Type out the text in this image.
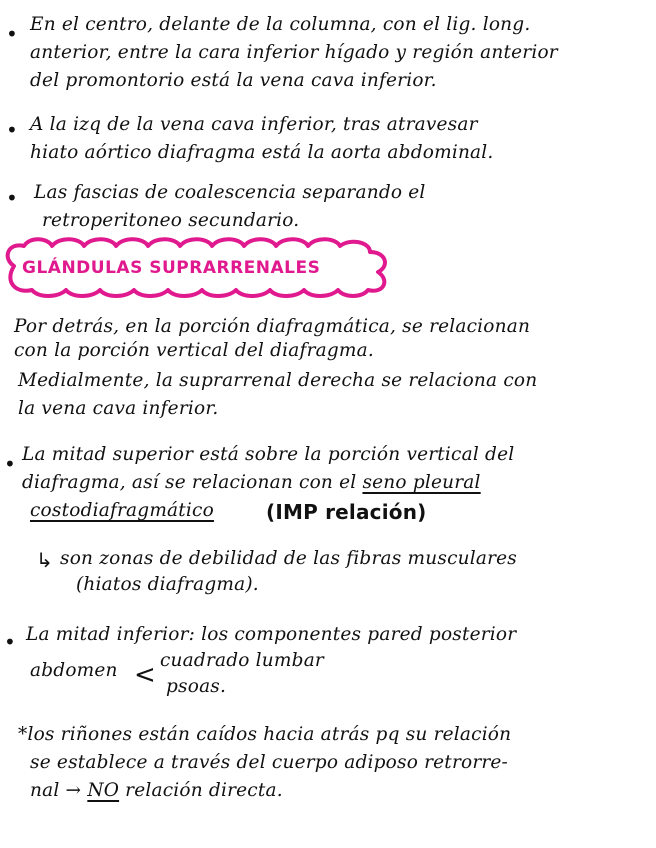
• En el centro, delante de la columna, con el lig. long.
anterior, entre la cara inferior hígado y región anterior
del promontorio está la vena cava inferior.
• A la izq de la vena cava inferior, tras atravesar
hiato aórtico diafragma está la aorta abdominal.
• Las fascias de coalescencia separando el
retroperitoneo secundario.
GLÁNDULAS SUPRARRENALES
Por detrás, en la porción diafragmática, se relacionan
con la porción vertical del diafragma.
Medialmente, la suprarrenal derecha se relaciona con
la vena cava inferior.
• La mitad superior está sobre la porción vertical del
diafragma, así se relacionan con el seno pleural
costodiafragmático	(IMP relación)
↳ son zonas de debilidad de las fibras musculares
(hiatos diafragma).
• La mitad inferior: los componentes pared posterior
abdomen < cuadrado lumbar
psoas.
*los riñones están caídos hacia atrás pq su relación
se establece a través del cuerpo adiposo retrorre-
nal → NO relación directa.
